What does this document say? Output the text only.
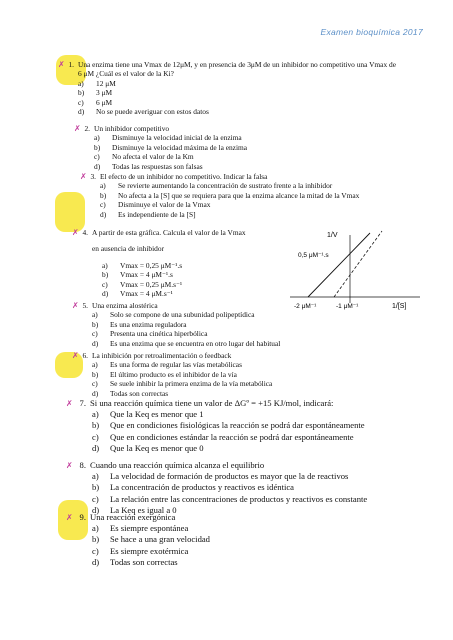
Examen bioquímica 2017
1. Una enzima tiene una Vmax de 12μM, y en presencia de 3μM de un inhibidor no competitivo una Vmax de 6 μM ¿Cuál es el valor de la Ki?
a)	12 μM
b)
✗
3 μM
c)	6 μM
d)	No se puede averiguar con estos datos
2. Un inhibidor competitivo
a)
✗
Disminuye la velocidad inicial de la enzima
b)	Disminuye la velocidad máxima de la enzima
c)	No afecta el valor de la Km
d)	Todas las respuestas son falsas
3. El efecto de un inhibidor no competitivo. Indicar la falsa
a)	Se revierte aumentando la concentración de sustrato frente a la inhibidor
b)	No afecta a la [S] que se requiera para que la enzima alcance la mitad de la Vmax
c)
✗
Disminuye el valor de la Vmax
d)	Es independiente de la [S]
4. A partir de esta gráfica. Calcula el valor de la Vmax
en ausencia de inhibidor
a)	Vmax = 0,25 μM⁻¹.s
b)	Vmax = 4 μM⁻¹.s
c)	Vmax = 0,25 μM.s⁻¹
d)
✗
Vmax = 4 μM.s⁻¹
1/V
0,5 μM⁻¹.s
1/[S]
-2 μM⁻¹	-1 μM⁻¹
5. Una enzima alostérica
a)	Solo se compone de una subunidad polipeptídica
b)
✗
Es una enzima reguladora
c)	Presenta una cinética hiperbólica
d)	Es una enzima que se encuentra en otro lugar del habitual
6. La inhibición por retroalimentación o feedback
a)	Es una forma de regular las vías metabólicas
b)	El último producto es el inhibidor de la vía
c)	Se suele inhibir la primera enzima de la vía metabólica
d)
✗
Todas son correctas
7. Si una reacción química tiene un valor de ΔGº = +15 KJ/mol, indicará:
a)
✗
Que la Keq es menor que 1
b)	Que en condiciones fisiológicas la reacción se podrá dar espontáneamente
c)	Que en condiciones estándar la reacción se podrá dar espontáneamente
d)	Que la Keq es menor que 0
8. Cuando una reacción química alcanza el equilibrio
a)	La velocidad de formación de productos es mayor que la de reactivos
b)	La concentración de productos y reactivos es idéntica
c)
✗
La relación entre las concentraciones de productos y reactivos es constante
d)	La Keq es igual a 0
9. Una reacción exergónica
a)
✗
Es siempre espontánea
b)	Se hace a una gran velocidad
c)	Es siempre exotérmica
d)	Todas son correctas
